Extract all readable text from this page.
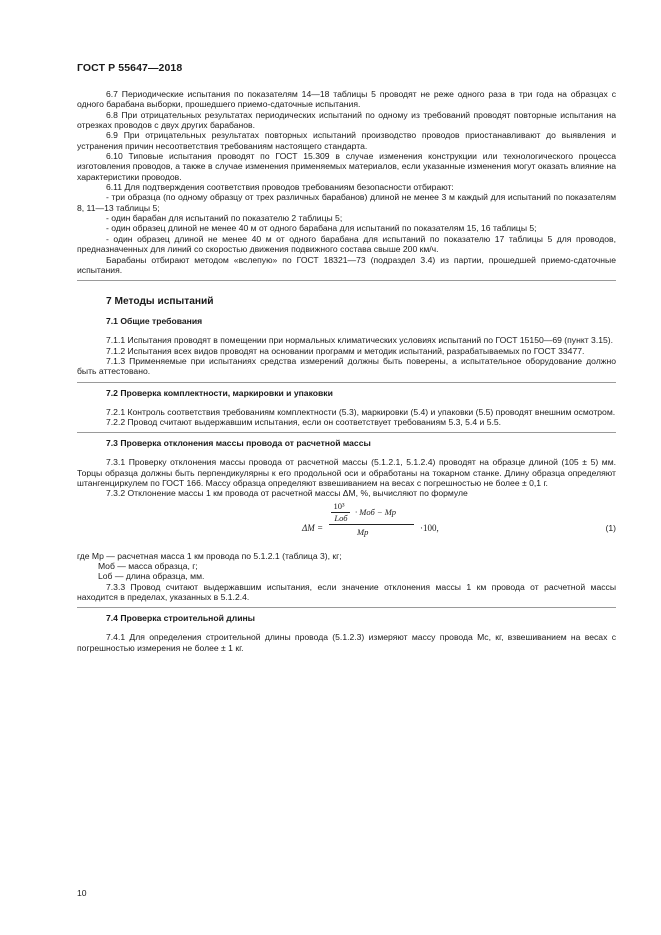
ГОСТ Р 55647—2018

6.7 Периодические испытания по показателям 14—18 таблицы 5 проводят не реже одного раза в три года на образцах с одного барабана выборки, прошедшего приемо-сдаточные испытания.

6.8 При отрицательных результатах периодических испытаний по одному из требований проводят повторные испытания на отрезках проводов с двух других барабанов.

6.9 При отрицательных результатах повторных испытаний производство проводов приостанавливают до выявления и устранения причин несоответствия требованиям настоящего стандарта.

6.10 Типовые испытания проводят по ГОСТ 15.309 в случае изменения конструкции или технологического процесса изготовления проводов, а также в случае изменения применяемых материалов, если указанные изменения могут оказать влияние на характеристики проводов.

6.11 Для подтверждения соответствия проводов требованиям безопасности отбирают:

- три образца (по одному образцу от трех различных барабанов) длиной не менее 3 м каждый для испытаний по показателям 8, 11—13 таблицы 5;

- один барабан для испытаний по показателю 2 таблицы 5;

- один образец длиной не менее 40 м от одного барабана для испытаний по показателям 15, 16 таблицы 5;

- один образец длиной не менее 40 м от одного барабана для испытаний по показателю 17 таблицы 5 для проводов, предназначенных для линий со скоростью движения подвижного состава свыше 200 км/ч.

Барабаны отбирают методом «вслепую» по ГОСТ 18321—73 (подраздел 3.4) из партии, прошедшей приемо-сдаточные испытания.

7 Методы испытаний
7.1 Общие требования

7.1.1 Испытания проводят в помещении при нормальных климатических условиях испытаний по ГОСТ 15150—69 (пункт 3.15).

7.1.2 Испытания всех видов проводят на основании программ и методик испытаний, разрабатываемых по ГОСТ 33477.

7.1.3 Применяемые при испытаниях средства измерений должны быть поверены, а испытательное оборудование должно быть аттестовано.

7.2 Проверка комплектности, маркировки и упаковки

7.2.1 Контроль соответствия требованиям комплектности (5.3), маркировки (5.4) и упаковки (5.5) проводят внешним осмотром.

7.2.2 Провод считают выдержавшим испытания, если он соответствует требованиям 5.3, 5.4 и 5.5.

7.3 Проверка отклонения массы провода от расчетной массы

7.3.1 Проверку отклонения массы провода от расчетной массы (5.1.2.1, 5.1.2.4) проводят на образце длиной (105 ± 5) мм. Торцы образца должны быть перпендикулярны к его продольной оси и обработаны на токарном станке. Длину образца определяют штангенциркулем по ГОСТ 166. Массу образца определяют взвешиванием на весах с погрешностью не более ± 0,1 г.

7.3.2 Отклонение массы 1 км провода от расчетной массы ΔM, %, вычисляют по формуле

ΔM =
10³
Lоб
· Mоб − Mр
Mр	·100,	(1)

где Mр — расчетная масса 1 км провода по 5.1.2.1 (таблица 3), кг;

Mоб — масса образца, г;

Lоб — длина образца, мм.

7.3.3 Провод считают выдержавшим испытания, если значение отклонения массы 1 км провода от расчетной массы находится в пределах, указанных в 5.1.2.4.

7.4 Проверка строительной длины

7.4.1 Для определения строительной длины провода (5.1.2.3) измеряют массу провода Mс, кг, взвешиванием на весах с погрешностью измерения не более ± 1 кг.

10
